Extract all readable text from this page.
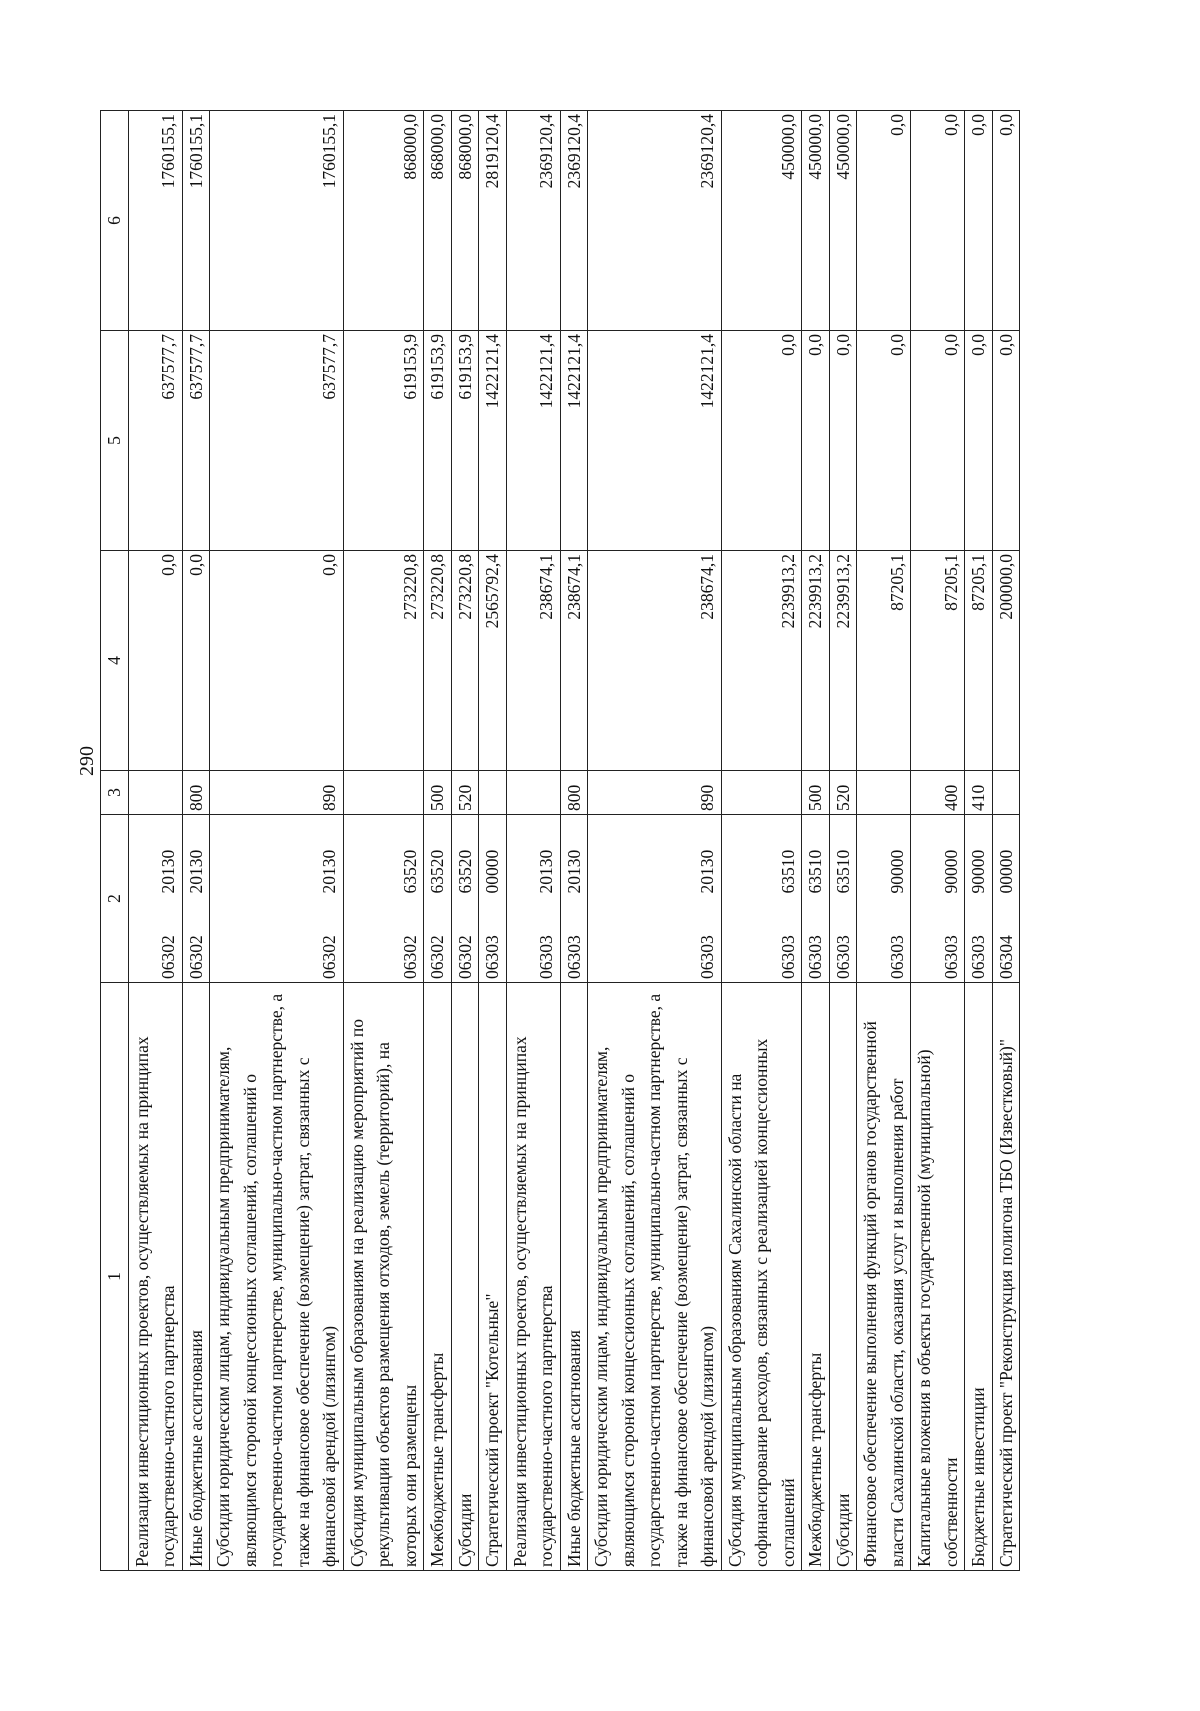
290
1	2		3	4	5	6
Реализация инвестиционных проектов, осуществляемых на принципах государственно-частного партнерства	06302	20130		0,0	637577,7	1760155,1
Иные бюджетные ассигнования	06302	20130	800	0,0	637577,7	1760155,1
Субсидии юридическим лицам, индивидуальным предпринимателям, являющимся стороной концессионных соглашений, соглашений о государственно-частном партнерстве, муниципально-частном партнерстве, а также на финансовое обеспечение (возмещение) затрат, связанных с финансовой арендой (лизингом)	06302	20130	890	0,0	637577,7	1760155,1
Субсидия муниципальным образованиям на реализацию мероприятий по рекультивации объектов размещения отходов, земель (территорий), на которых они размещены	06302	63520		273220,8	619153,9	868000,0
Межбюджетные трансферты	06302	63520	500	273220,8	619153,9	868000,0
Субсидии	06302	63520	520	273220,8	619153,9	868000,0
Стратегический проект "Котельные"	06303	00000		2565792,4	1422121,4	2819120,4
Реализация инвестиционных проектов, осуществляемых на принципах государственно-частного партнерства	06303	20130		238674,1	1422121,4	2369120,4
Иные бюджетные ассигнования	06303	20130	800	238674,1	1422121,4	2369120,4
Субсидии юридическим лицам, индивидуальным предпринимателям, являющимся стороной концессионных соглашений, соглашений о государственно-частном партнерстве, муниципально-частном партнерстве, а также на финансовое обеспечение (возмещение) затрат, связанных с финансовой арендой (лизингом)	06303	20130	890	238674,1	1422121,4	2369120,4
Субсидия муниципальным образованиям Сахалинской области на софинансирование расходов, связанных с реализацией концессионных соглашений	06303	63510		2239913,2	0,0	450000,0
Межбюджетные трансферты	06303	63510	500	2239913,2	0,0	450000,0
Субсидии	06303	63510	520	2239913,2	0,0	450000,0
Финансовое обеспечение выполнения функций органов государственной власти Сахалинской области, оказания услуг и выполнения работ	06303	90000		87205,1	0,0	0,0
Капитальные вложения в объекты государственной (муниципальной) собственности	06303	90000	400	87205,1	0,0	0,0
Бюджетные инвестиции	06303	90000	410	87205,1	0,0	0,0
Стратегический проект "Реконструкция полигона ТБО (Известковый)"	06304	00000		200000,0	0,0	0,0
